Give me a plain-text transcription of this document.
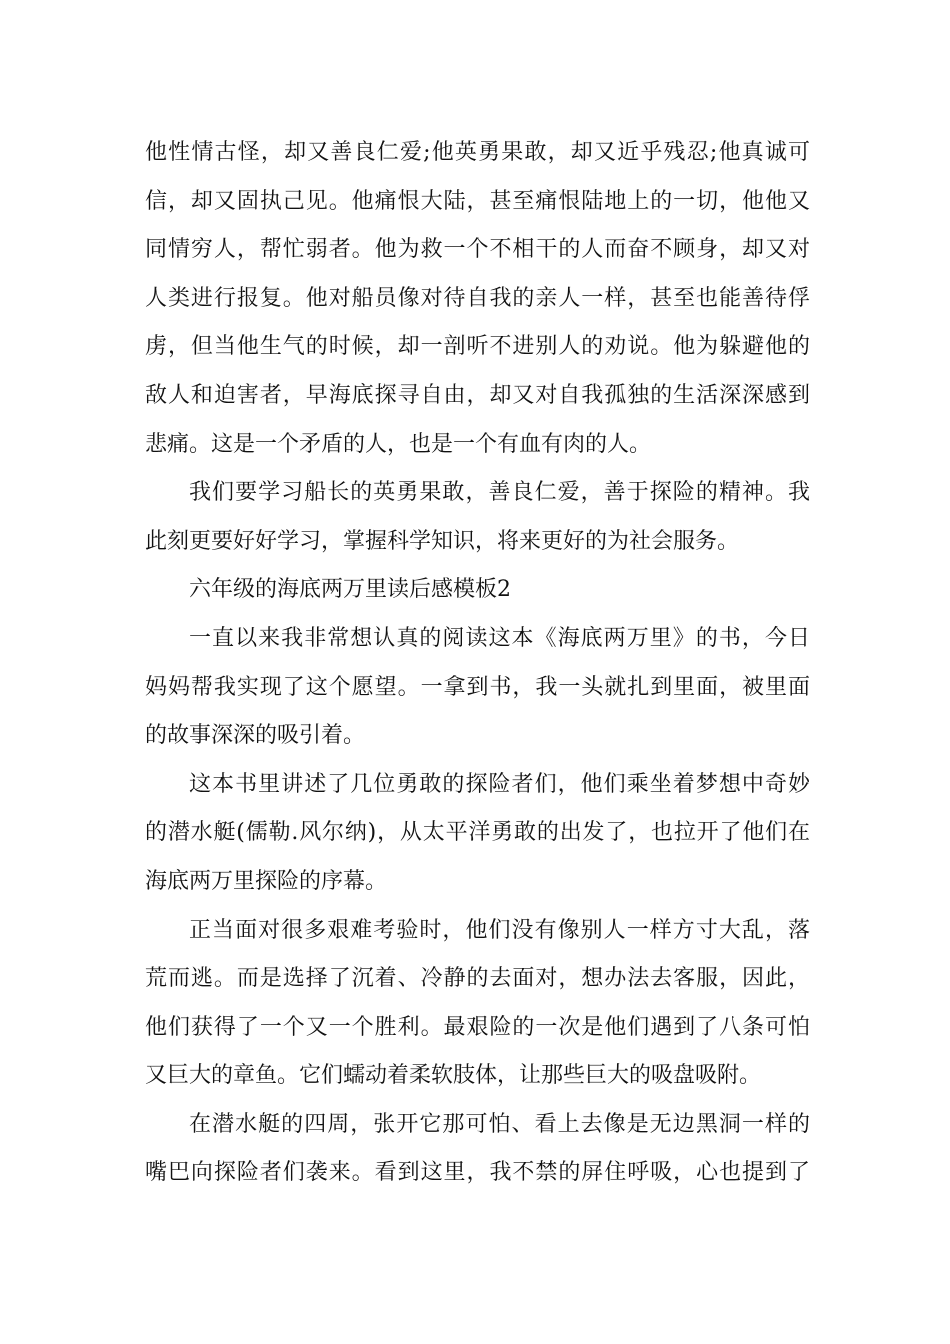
他性情古怪，却又善良仁爱;他英勇果敢，却又近乎残忍;他真诚可
信，却又固执己见。他痛恨大陆，甚至痛恨陆地上的一切，他他又
同情穷人，帮忙弱者。他为救一个不相干的人而奋不顾身，却又对
人类进行报复。他对船员像对待自我的亲人一样，甚至也能善待俘
虏，但当他生气的时候，却一剖听不进别人的劝说。他为躲避他的
敌人和迫害者，早海底探寻自由，却又对自我孤独的生活深深感到
悲痛。这是一个矛盾的人，也是一个有血有肉的人。
我们要学习船长的英勇果敢，善良仁爱，善于探险的精神。我
此刻更要好好学习，掌握科学知识，将来更好的为社会服务。
六年级的海底两万里读后感模板2
一直以来我非常想认真的阅读这本《海底两万里》的书，今日
妈妈帮我实现了这个愿望。一拿到书，我一头就扎到里面，被里面
的故事深深的吸引着。
这本书里讲述了几位勇敢的探险者们，他们乘坐着梦想中奇妙
的潜水艇(儒勒.风尔纳)，从太平洋勇敢的出发了，也拉开了他们在
海底两万里探险的序幕。
正当面对很多艰难考验时，他们没有像别人一样方寸大乱，落
荒而逃。而是选择了沉着、冷静的去面对，想办法去客服，因此，
他们获得了一个又一个胜利。最艰险的一次是他们遇到了八条可怕
又巨大的章鱼。它们蠕动着柔软肢体，让那些巨大的吸盘吸附。
在潜水艇的四周，张开它那可怕、看上去像是无边黑洞一样的
嘴巴向探险者们袭来。看到这里，我不禁的屏住呼吸，心也提到了
